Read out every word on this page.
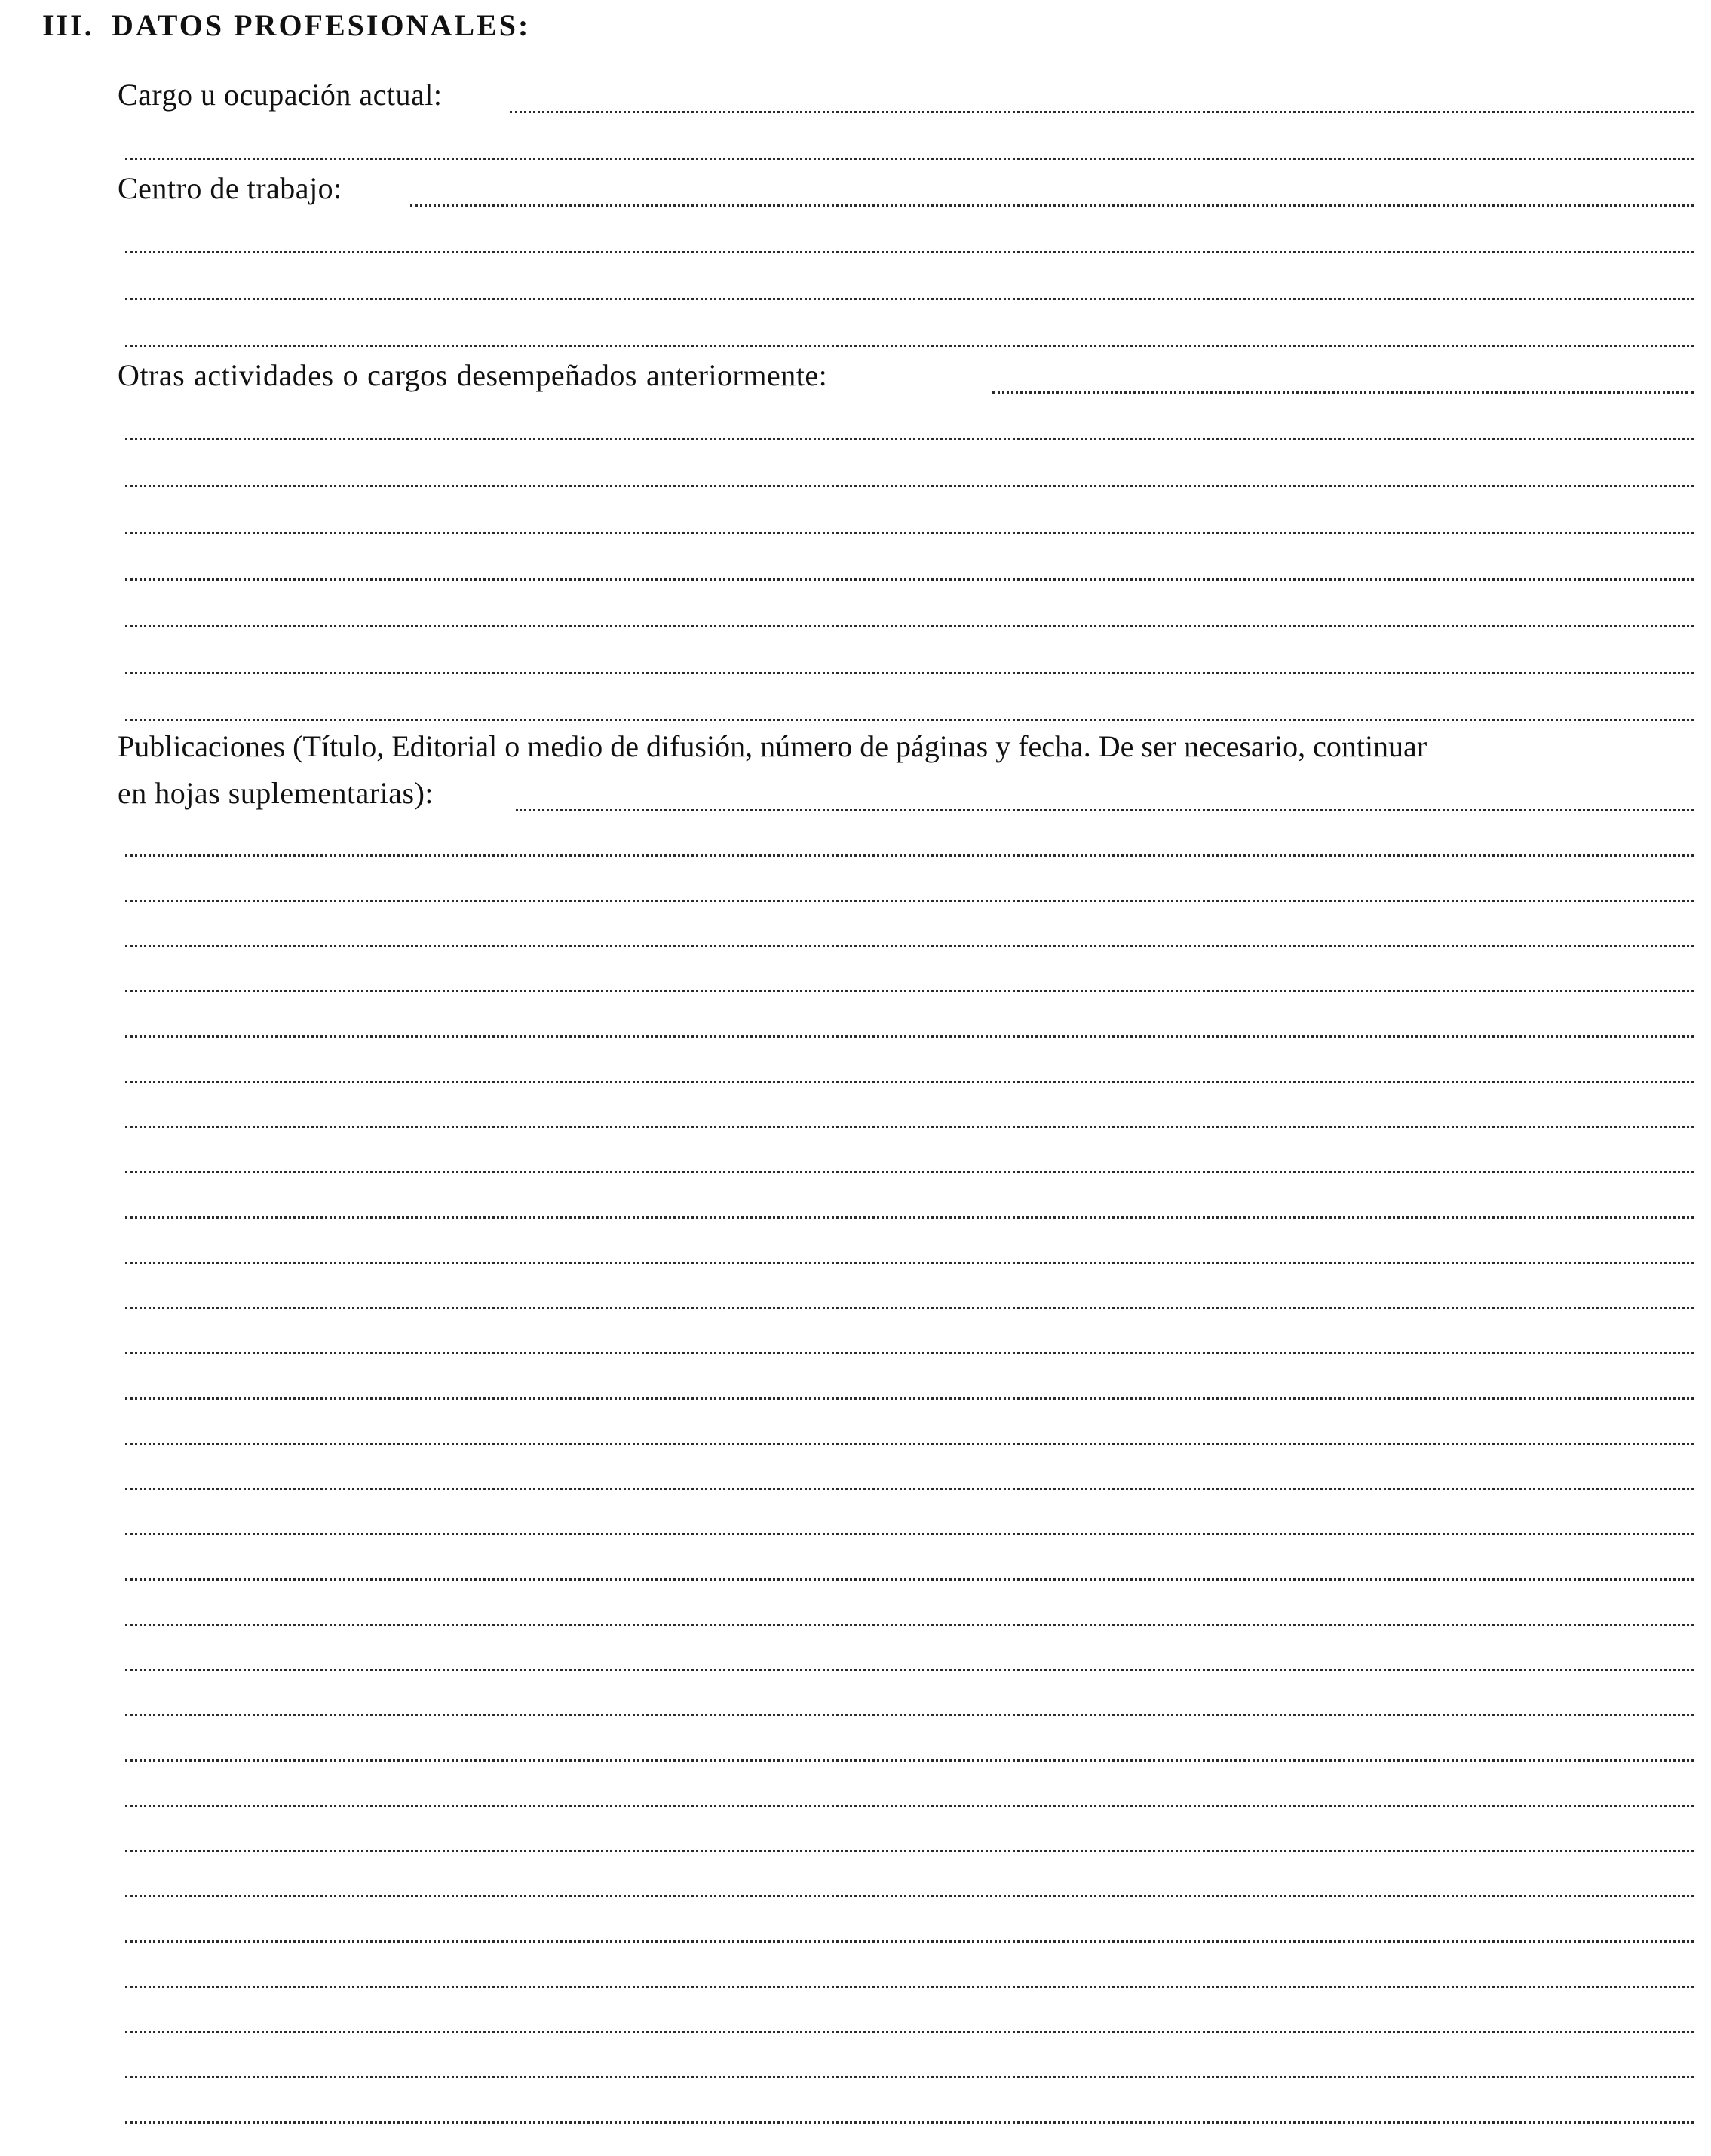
III. DATOS PROFESIONALES:
Cargo u ocupación actual:
Centro de trabajo:
Otras actividades o cargos desempeñados anteriormente:
Publicaciones (Título, Editorial o medio de difusión, número de páginas y fecha. De ser necesario, continuar
en hojas suplementarias):
